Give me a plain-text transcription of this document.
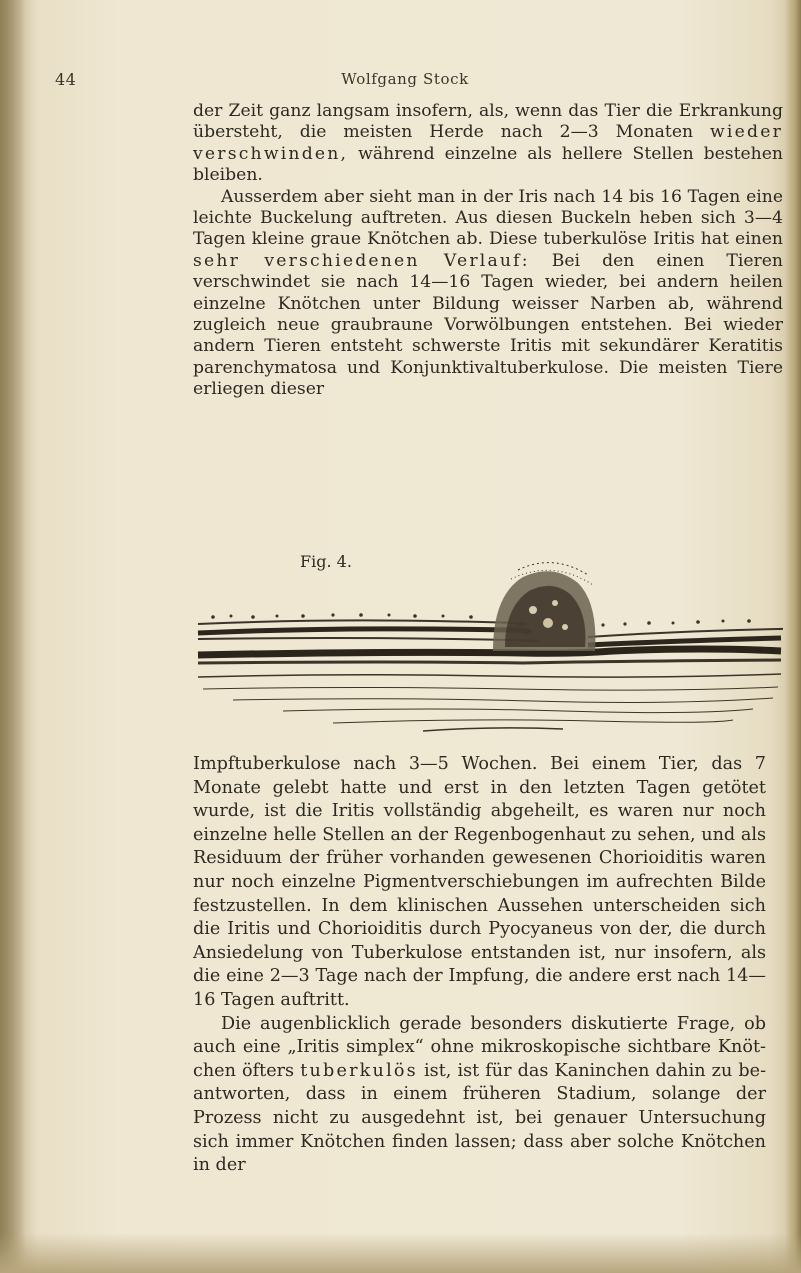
44	Wolfgang Stock

der Zeit ganz langsam insofern, als, wenn das Tier die Erkrankung übersteht, die meisten Herde nach 2—3 Monaten wieder verschwinden, während einzelne als hellere Stellen bestehen bleiben.

Ausserdem aber sieht man in der Iris nach 14 bis 16 Tagen eine leichte Buckelung auftreten. Aus diesen Buckeln heben sich 3—4 Tagen kleine graue Knötchen ab. Diese tuberkulöse Iritis hat einen sehr verschiedenen Verlauf: Bei den einen Tieren verschwindet sie nach 14—16 Tagen wieder, bei andern heilen einzelne Knötchen unter Bildung weisser Narben ab, während zugleich neue graubraune Vorwölbungen entstehen. Bei wieder andern Tieren entsteht schwerste Iritis mit sekundärer Keratitis parenchymatosa und Konjunktivaltuberkulose. Die meisten Tiere erliegen dieser

Fig. 4.

Impftuberkulose nach 3—5 Wochen. Bei einem Tier, das 7 Monate gelebt hatte und erst in den letzten Tagen getötet wurde, ist die Iritis vollständig abgeheilt, es waren nur noch einzelne helle Stellen an der Regenbogenhaut zu sehen, und als Residuum der früher vorhanden gewesenen Chorioiditis waren nur noch einzelne Pigmentverschiebungen im aufrechten Bilde festzustellen. In dem klinischen Aussehen unterscheiden sich die Iritis und Chorioiditis durch Pyocyaneus von der, die durch Ansiedelung von Tuberkulose entstanden ist, nur insofern, als die eine 2—3 Tage nach der Impfung, die andere erst nach 14—16 Tagen auftritt.

Die augenblicklich gerade besonders diskutierte Frage, ob auch eine „Iritis simplex“ ohne mikroskopische sichtbare Knötchen öfters tuberkulös ist, ist für das Kaninchen dahin zu beantworten, dass in einem früheren Stadium, solange der Prozess nicht zu ausgedehnt ist, bei genauer Untersuchung sich immer Knötchen finden lassen; dass aber solche Knötchen in der
